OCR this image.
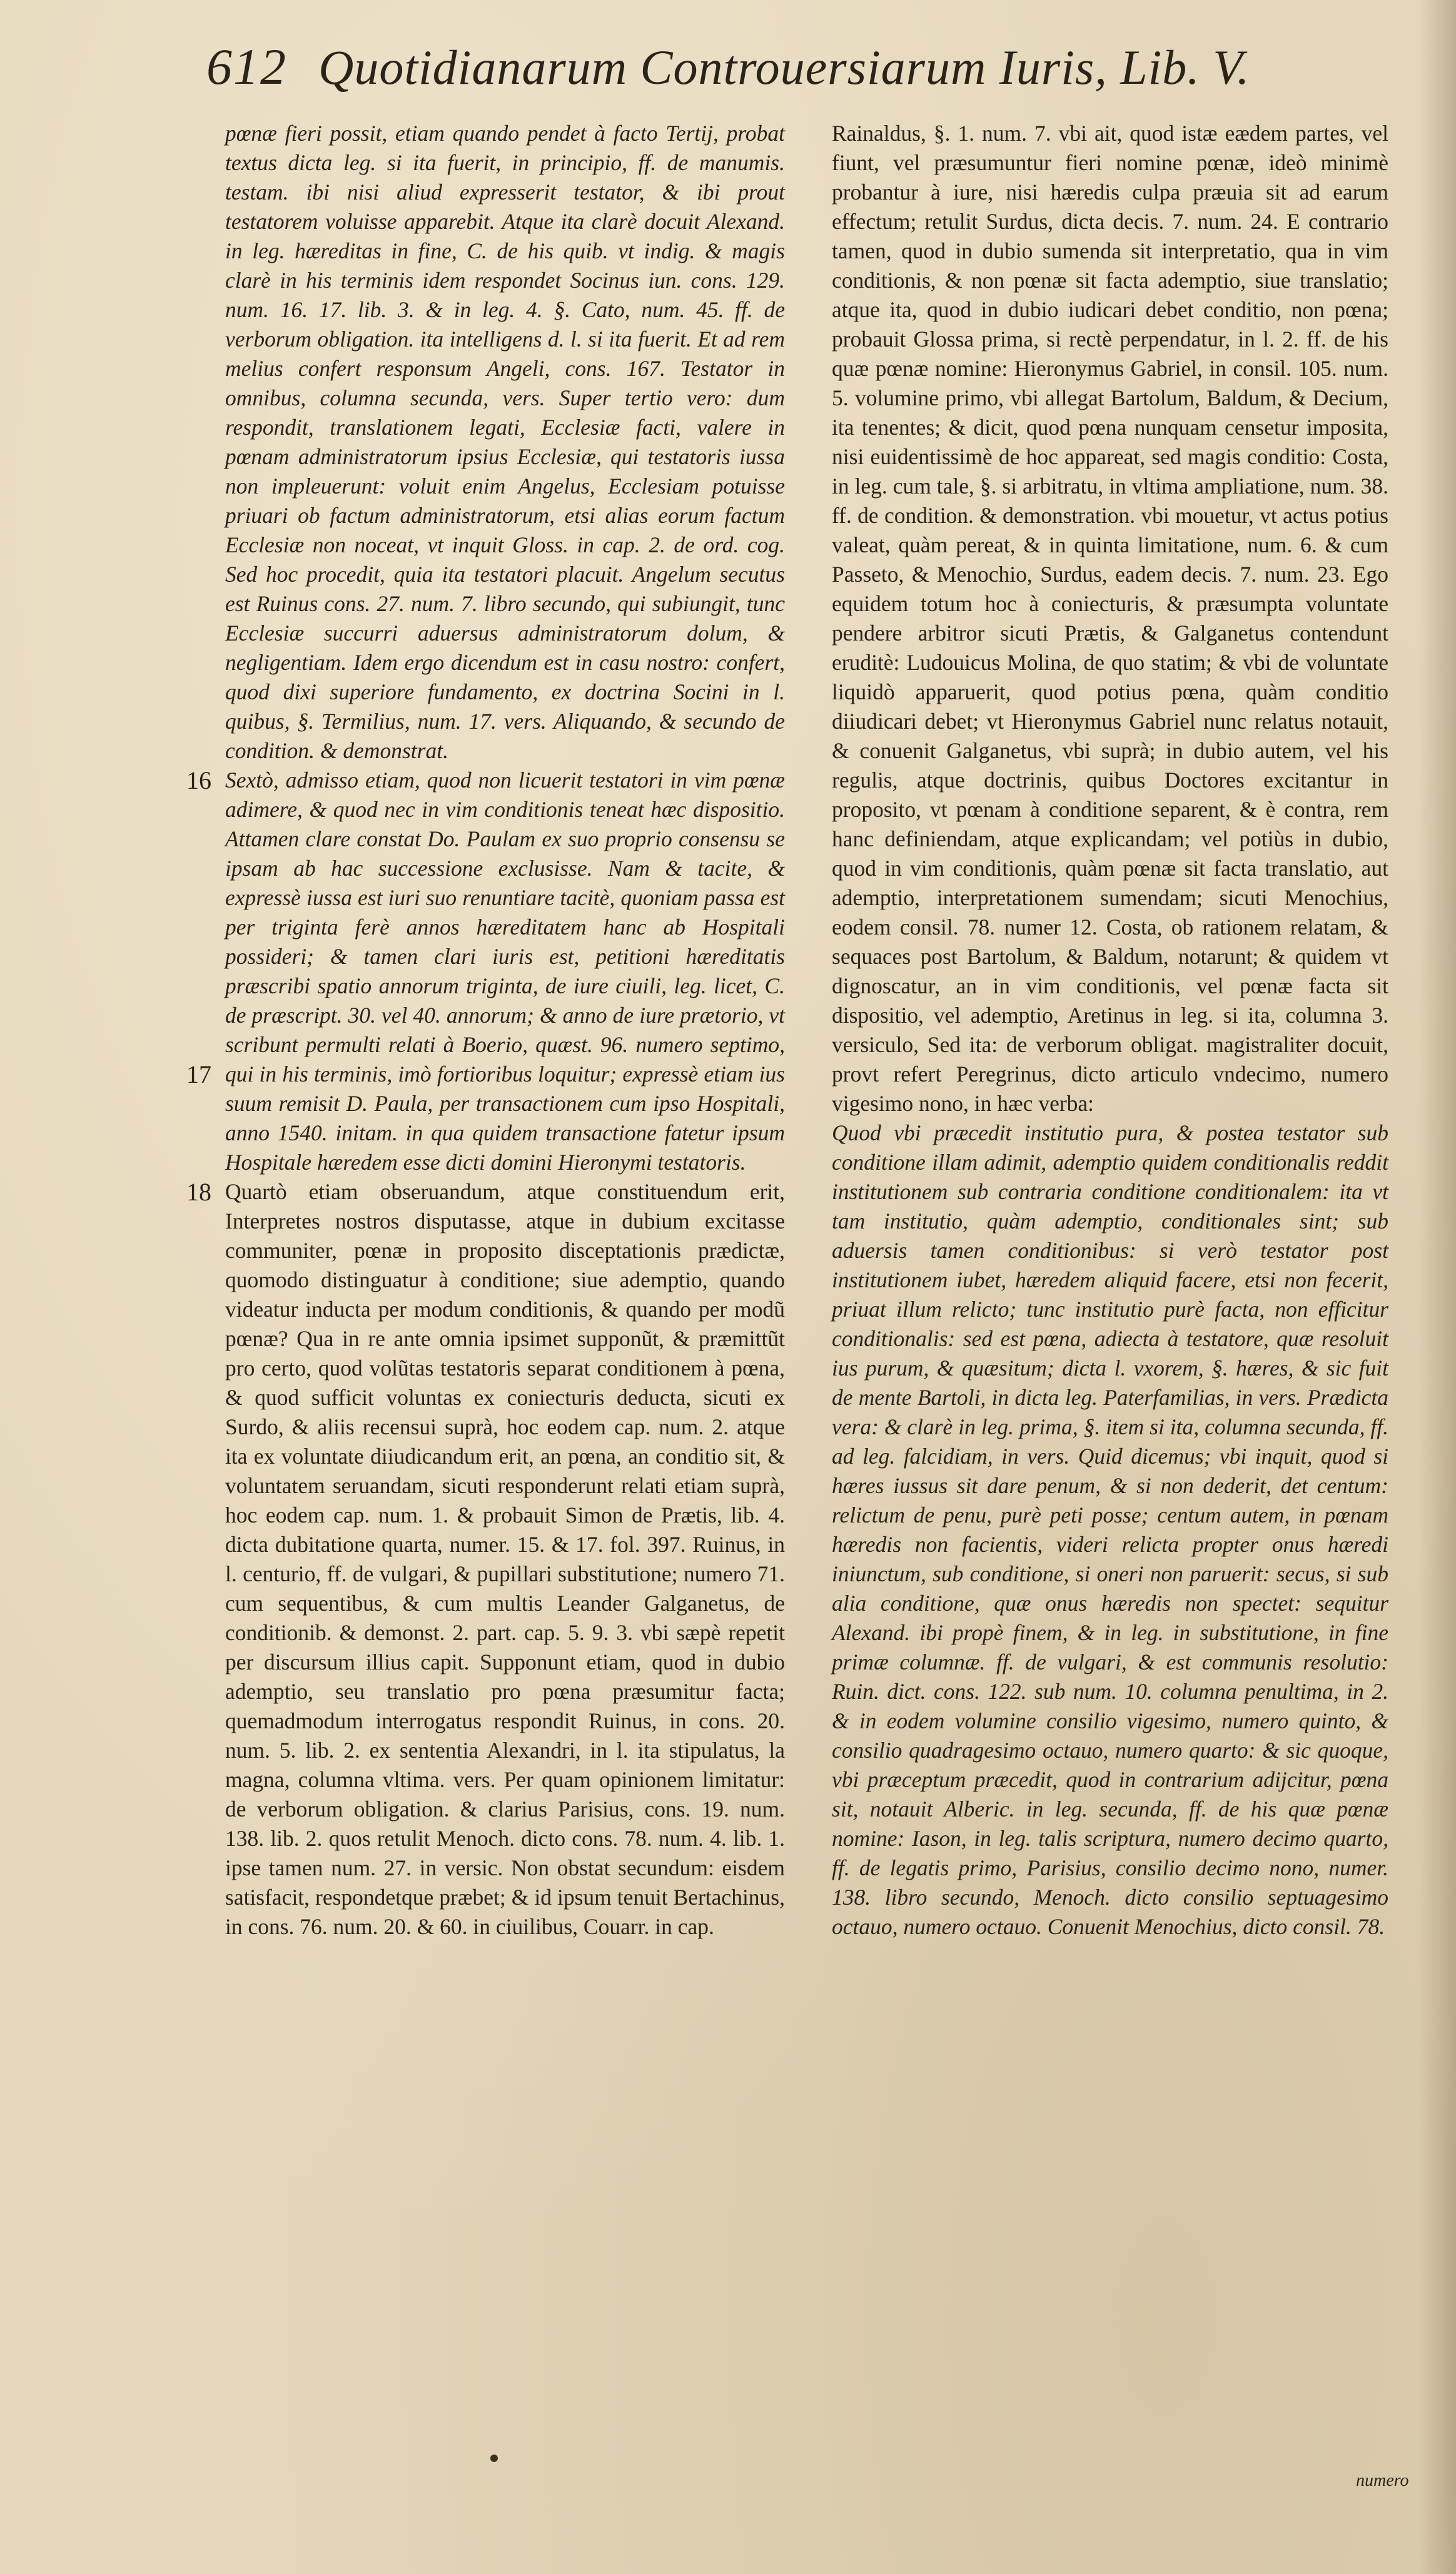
612 Quotidianarum Controuersiarum Iuris, Lib. V.

pœnæ fieri possit, etiam quando pendet à facto Tertij, probat textus dicta leg. si ita fuerit, in principio, ff. de manumis. testam. ibi nisi aliud expresserit testator, & ibi prout testatorem voluisse apparebit. Atque ita clarè docuit Alexand. in leg. hæreditas in fine, C. de his quib. vt indig. & magis clarè in his terminis idem respondet Socinus iun. cons. 129. num. 16. 17. lib. 3. & in leg. 4. §. Cato, num. 45. ff. de verborum obligation. ita intelligens d. l. si ita fuerit. Et ad rem melius confert responsum Angeli, cons. 167. Testator in omnibus, columna secunda, vers. Super tertio vero: dum respondit, translationem legati, Ecclesiæ facti, valere in pœnam administratorum ipsius Ecclesiæ, qui testatoris iussa non impleuerunt: voluit enim Angelus, Ecclesiam potuisse priuari ob factum administratorum, etsi alias eorum factum Ecclesiæ non noceat, vt inquit Gloss. in cap. 2. de ord. cog. Sed hoc procedit, quia ita testatori placuit. Angelum secutus est Ruinus cons. 27. num. 7. libro secundo, qui subiungit, tunc Ecclesiæ succurri aduersus administratorum dolum, & negligentiam. Idem ergo dicendum est in casu nostro: confert, quod dixi superiore fundamento, ex doctrina Socini in l. quibus, §. Termilius, num. 17. vers. Aliquando, & secundo de condition. & demonstrat.

16
17
Sextò, admisso etiam, quod non licuerit testatori in vim pœnæ adimere, & quod nec in vim conditionis teneat hæc dispositio. Attamen clare constat Do. Paulam ex suo proprio consensu se ipsam ab hac successione exclusisse. Nam & tacite, & expressè iussa est iuri suo renuntiare tacitè, quoniam passa est per triginta ferè annos hæreditatem hanc ab Hospitali possideri; & tamen clari iuris est, petitioni hæreditatis præscribi spatio annorum triginta, de iure ciuili, leg. licet, C. de præscript. 30. vel 40. annorum; & anno de iure prætorio, vt scribunt permulti relati à Boerio, quæst. 96. numero septimo, qui in his terminis, imò fortioribus loquitur; expressè etiam ius suum remisit D. Paula, per transactionem cum ipso Hospitali, anno 1540. initam. in qua quidem transactione fatetur ipsum Hospitale hæredem esse dicti domini Hieronymi testatoris.

18 Quartò etiam obseruandum, atque constituendum erit, Interpretes nostros disputasse, atque in dubium excitasse communiter, pœnæ in proposito disceptationis prædictæ, quomodo distinguatur à conditione; siue ademptio, quando videatur inducta per modum conditionis, & quando per modũ pœnæ? Qua in re ante omnia ipsimet supponũt, & præmittũt pro certo, quod volũtas testatoris separat conditionem à pœna, & quod sufficit voluntas ex coniecturis deducta, sicuti ex Surdo, & aliis recensui suprà, hoc eodem cap. num. 2. atque ita ex voluntate diiudicandum erit, an pœna, an conditio sit, & voluntatem seruandam, sicuti responderunt relati etiam suprà, hoc eodem cap. num. 1. & probauit Simon de Prætis, lib. 4. dicta dubitatione quarta, numer. 15. & 17. fol. 397. Ruinus, in l. centurio, ff. de vulgari, & pupillari substitutione; numero 71. cum sequentibus, & cum multis Leander Galganetus, de conditionib. & demonst. 2. part. cap. 5. 9. 3. vbi sæpè repetit per discursum illius capit. Supponunt etiam, quod in dubio ademptio, seu translatio pro pœna præsumitur facta; quemadmodum interrogatus respondit Ruinus, in cons. 20. num. 5. lib. 2. ex sententia Alexandri, in l. ita stipulatus, la magna, columna vltima. vers. Per quam opinionem limitatur: de verborum obligation. & clarius Parisius, cons. 19. num. 138. lib. 2. quos retulit Menoch. dicto cons. 78. num. 4. lib. 1. ipse tamen num. 27. in versic. Non obstat secundum: eisdem satisfacit, respondetque præbet; & id ipsum tenuit Bertachinus, in cons. 76. num. 20. & 60. in ciuilibus, Couarr. in cap.

Rainaldus, §. 1. num. 7. vbi ait, quod istæ eædem partes, vel fiunt, vel præsumuntur fieri nomine pœnæ, ideò minimè probantur à iure, nisi hæredis culpa præuia sit ad earum effectum; retulit Surdus, dicta decis. 7. num. 24. E contrario tamen, quod in dubio sumenda sit interpretatio, qua in vim conditionis, & non pœnæ sit facta ademptio, siue translatio; atque ita, quod in dubio iudicari debet conditio, non pœna; probauit Glossa prima, si rectè perpendatur, in l. 2. ff. de his quæ pœnæ nomine: Hieronymus Gabriel, in consil. 105. num. 5. volumine primo, vbi allegat Bartolum, Baldum, & Decium, ita tenentes; & dicit, quod pœna nunquam censetur imposita, nisi euidentissimè de hoc appareat, sed magis conditio: Costa, in leg. cum tale, §. si arbitratu, in vltima ampliatione, num. 38. ff. de condition. & demonstration. vbi mouetur, vt actus potius valeat, quàm pereat, & in quinta limitatione, num. 6. & cum Passeto, & Menochio, Surdus, eadem decis. 7. num. 23. Ego equidem totum hoc à coniecturis, & præsumpta voluntate pendere arbitror sicuti Prætis, & Galganetus contendunt eruditè: Ludouicus Molina, de quo statim; & vbi de voluntate liquidò apparuerit, quod potius pœna, quàm conditio diiudicari debet; vt Hieronymus Gabriel nunc relatus notauit, & conuenit Galganetus, vbi suprà; in dubio autem, vel his regulis, atque doctrinis, quibus Doctores excitantur in proposito, vt pœnam à conditione separent, & è contra, rem hanc definiendam, atque explicandam; vel potiùs in dubio, quod in vim conditionis, quàm pœnæ sit facta translatio, aut ademptio, interpretationem sumendam; sicuti Menochius, eodem consil. 78. numer 12. Costa, ob rationem relatam, & sequaces post Bartolum, & Baldum, notarunt; & quidem vt dignoscatur, an in vim conditionis, vel pœnæ facta sit dispositio, vel ademptio, Aretinus in leg. si ita, columna 3. versiculo, Sed ita: de verborum obligat. magistraliter docuit, provt refert Peregrinus, dicto articulo vndecimo, numero vigesimo nono, in hæc verba:

Quod vbi præcedit institutio pura, & postea testator sub conditione illam adimit, ademptio quidem conditionalis reddit institutionem sub contraria conditione conditionalem: ita vt tam institutio, quàm ademptio, conditionales sint; sub aduersis tamen conditionibus: si verò testator post institutionem iubet, hæredem aliquid facere, etsi non fecerit, priuat illum relicto; tunc institutio purè facta, non efficitur conditionalis: sed est pœna, adiecta à testatore, quæ resoluit ius purum, & quæsitum; dicta l. vxorem, §. hæres, & sic fuit de mente Bartoli, in dicta leg. Paterfamilias, in vers. Prædicta vera: & clarè in leg. prima, §. item si ita, columna secunda, ff. ad leg. falcidiam, in vers. Quid dicemus; vbi inquit, quod si hæres iussus sit dare penum, & si non dederit, det centum: relictum de penu, purè peti posse; centum autem, in pœnam hæredis non facientis, videri relicta propter onus hæredi iniunctum, sub conditione, si oneri non paruerit: secus, si sub alia conditione, quæ onus hæredis non spectet: sequitur Alexand. ibi propè finem, & in leg. in substitutione, in fine primæ columnæ. ff. de vulgari, & est communis resolutio: Ruin. dict. cons. 122. sub num. 10. columna penultima, in 2. & in eodem volumine consilio vigesimo, numero quinto, & consilio quadragesimo octauo, numero quarto: & sic quoque, vbi præceptum præcedit, quod in contrarium adijcitur, pœna sit, notauit Alberic. in leg. secunda, ff. de his quæ pœnæ nomine: Iason, in leg. talis scriptura, numero decimo quarto, ff. de legatis primo, Parisius, consilio decimo nono, numer. 138. libro secundo, Menoch. dicto consilio septuagesimo octauo, numero octauo. Conuenit Menochius, dicto consil. 78.

numero
